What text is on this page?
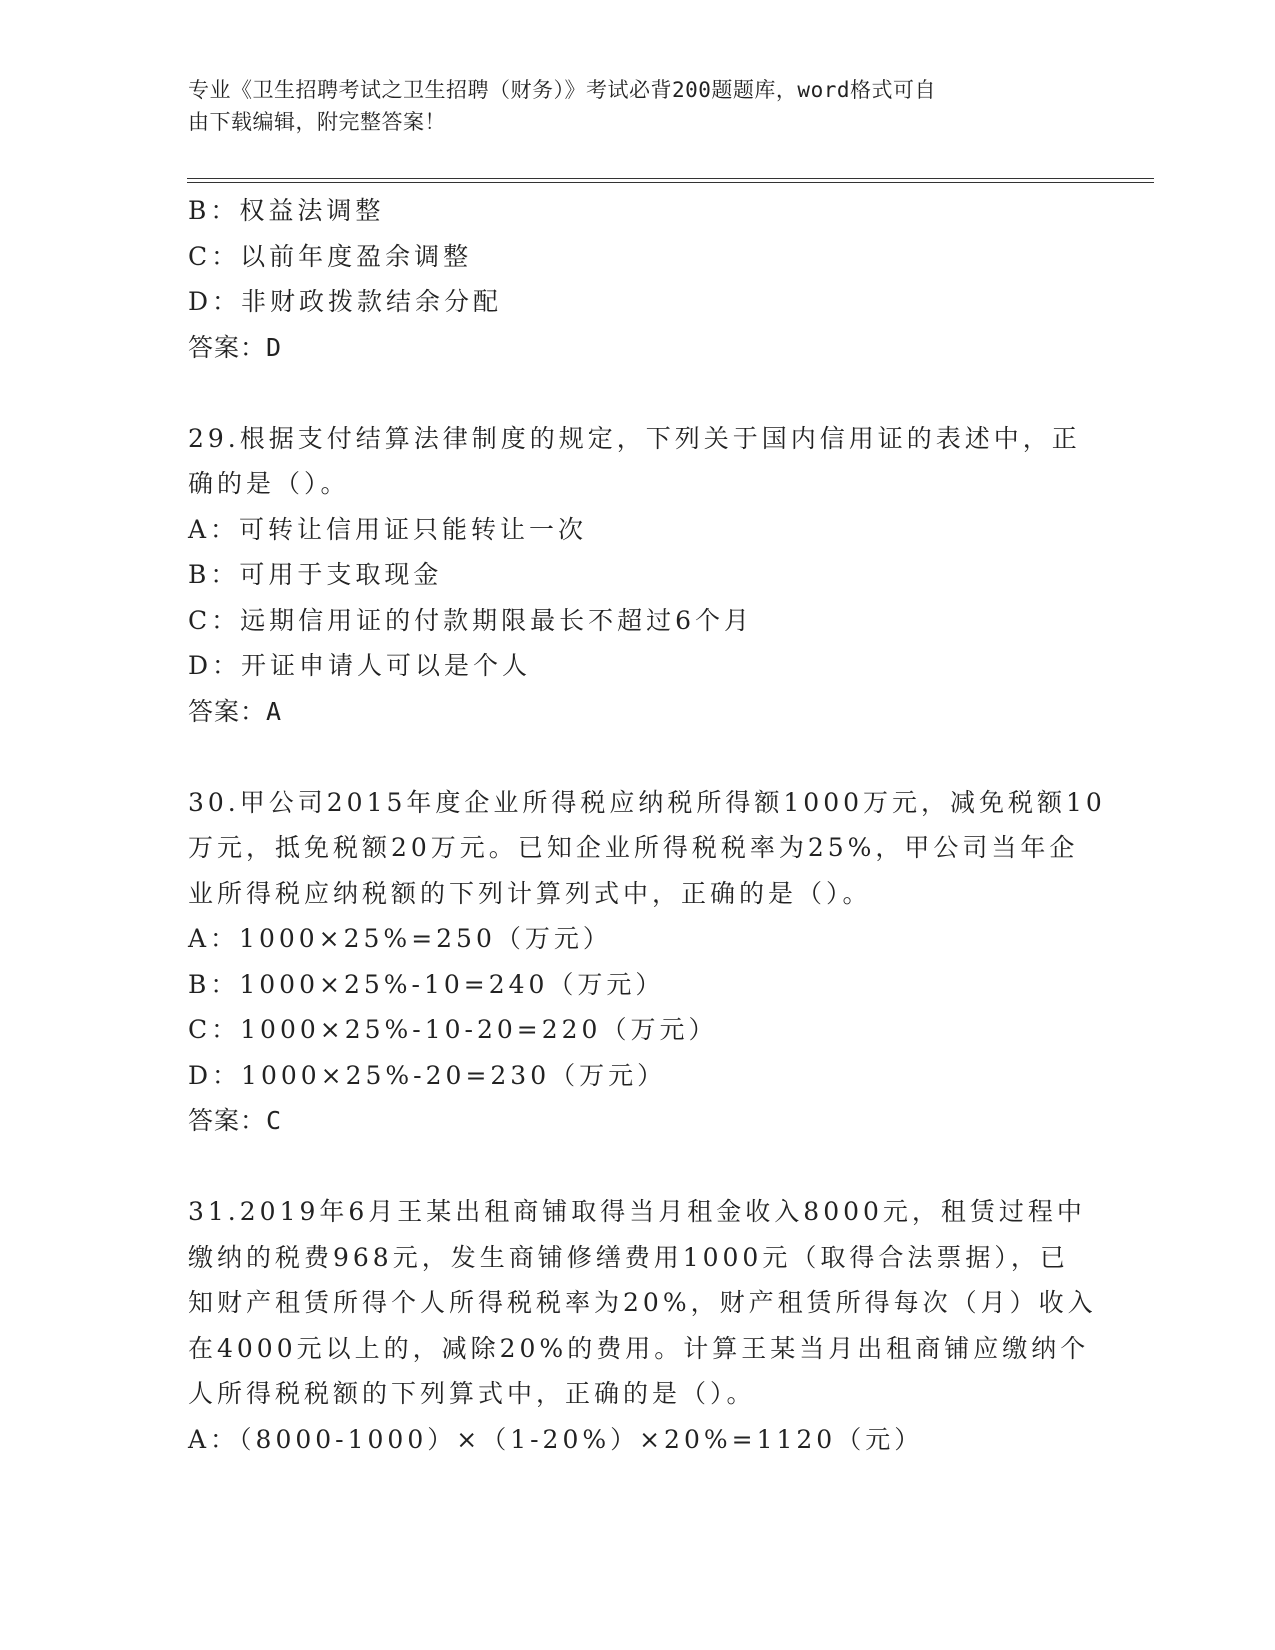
专业《卫生招聘考试之卫生招聘（财务）》考试必背200题题库，word格式可自
由下载编辑，附完整答案！
B：权益法调整
C：以前年度盈余调整
D：非财政拨款结余分配
答案：D
29.根据支付结算法律制度的规定，下列关于国内信用证的表述中，正
确的是（）。
A：可转让信用证只能转让一次
B：可用于支取现金
C：远期信用证的付款期限最长不超过6个月
D：开证申请人可以是个人
答案：A
30.甲公司2015年度企业所得税应纳税所得额1000万元，减免税额10
万元，抵免税额20万元。已知企业所得税税率为25%，甲公司当年企
业所得税应纳税额的下列计算列式中，正确的是（）。
A：1000×25%=250（万元）
B：1000×25%-10=240（万元）
C：1000×25%-10-20=220（万元）
D：1000×25%-20=230（万元）
答案：C
31.2019年6月王某出租商铺取得当月租金收入8000元，租赁过程中
缴纳的税费968元，发生商铺修缮费用1000元（取得合法票据），已
知财产租赁所得个人所得税税率为20%，财产租赁所得每次（月）收入
在4000元以上的，减除20%的费用。计算王某当月出租商铺应缴纳个
人所得税税额的下列算式中，正确的是（）。
A：（8000-1000）×（1-20%）×20%=1120（元）
